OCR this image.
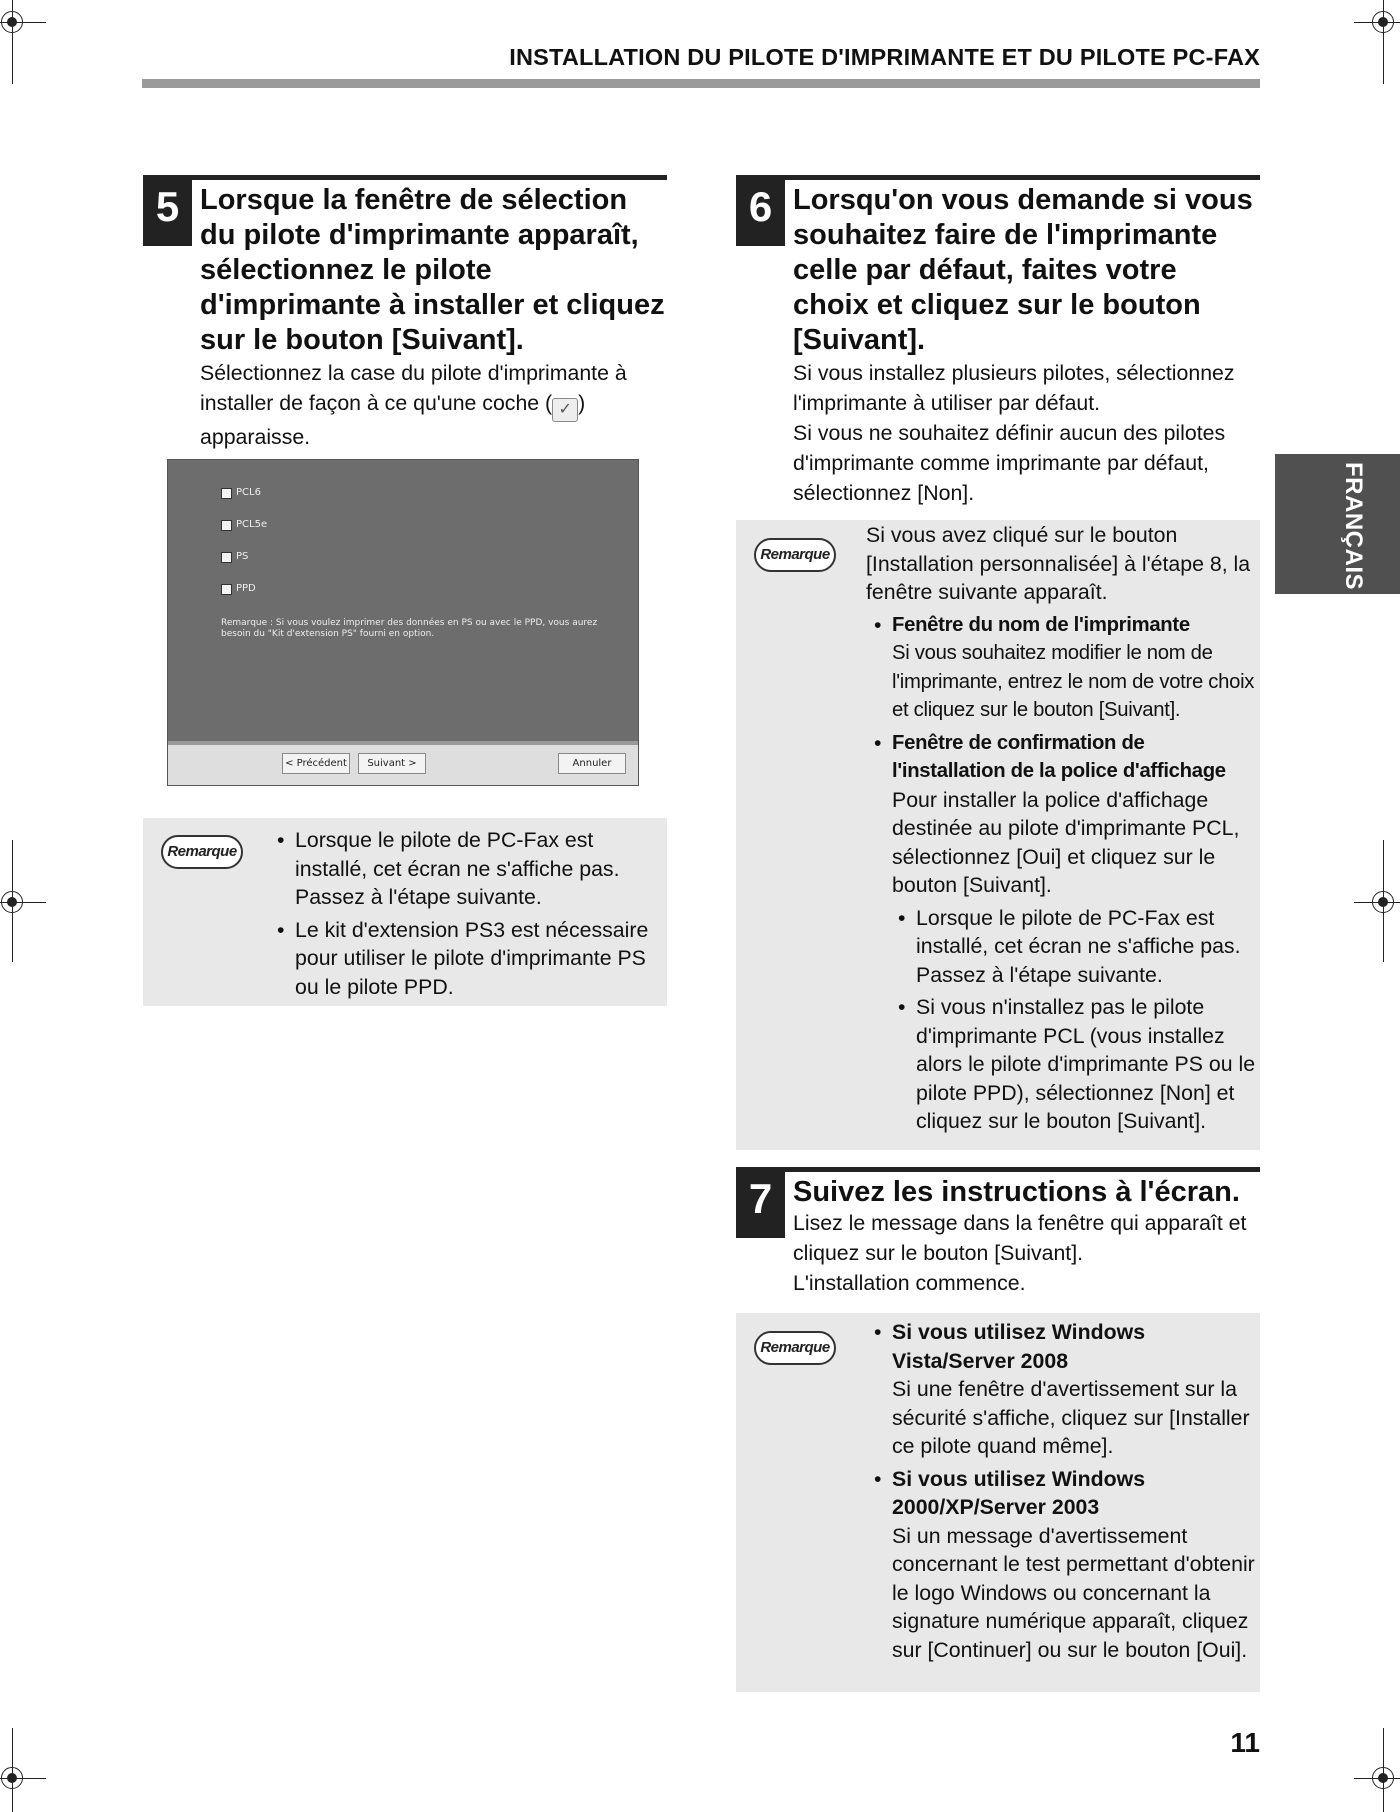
INSTALLATION DU PILOTE D'IMPRIMANTE ET DU PILOTE PC-FAX
FRANÇAIS
5 Lorsque la fenêtre de sélection du pilote d'imprimante apparaît, sélectionnez le pilote d'imprimante à installer et cliquez sur le bouton [Suivant].
Sélectionnez la case du pilote d'imprimante à installer de façon à ce qu'une coche ( ✓ ) apparaisse.
PCL6
PCL5e
PS
PPD
Remarque : Si vous voulez imprimer des données en PS ou avec le PPD, vous aurez besoin du "Kit d'extension PS" fourni en option.
< Précédent	Suivant >	Annuler
Remarque • Lorsque le pilote de PC-Fax est installé, cet écran ne s'affiche pas. Passez à l'étape suivante.
• Le kit d'extension PS3 est nécessaire pour utiliser le pilote d'imprimante PS ou le pilote PPD.
6 Lorsqu'on vous demande si vous souhaitez faire de l'imprimante celle par défaut, faites votre choix et cliquez sur le bouton [Suivant].
Si vous installez plusieurs pilotes, sélectionnez l'imprimante à utiliser par défaut.
Si vous ne souhaitez définir aucun des pilotes d'imprimante comme imprimante par défaut, sélectionnez [Non].
Remarque

Si vous avez cliqué sur le bouton [Installation personnalisée] à l'étape 8, la fenêtre suivante apparaît.

• Fenêtre du nom de l'imprimante
Si vous souhaitez modifier le nom de l'imprimante, entrez le nom de votre choix et cliquez sur le bouton [Suivant].
• Fenêtre de confirmation de l'installation de la police d'affichage
Pour installer la police d'affichage destinée au pilote d'imprimante PCL, sélectionnez [Oui] et cliquez sur le bouton [Suivant].
• Lorsque le pilote de PC-Fax est installé, cet écran ne s'affiche pas. Passez à l'étape suivante.
• Si vous n'installez pas le pilote d'imprimante PCL (vous installez alors le pilote d'imprimante PS ou le pilote PPD), sélectionnez [Non] et cliquez sur le bouton [Suivant].
7 Suivez les instructions à l'écran.
Lisez le message dans la fenêtre qui apparaît et cliquez sur le bouton [Suivant].
L'installation commence.
Remarque
• Si vous utilisez Windows Vista/Server 2008
Si une fenêtre d'avertissement sur la sécurité s'affiche, cliquez sur [Installer ce pilote quand même].
• Si vous utilisez Windows 2000/XP/Server 2003
Si un message d'avertissement concernant le test permettant d'obtenir le logo Windows ou concernant la signature numérique apparaît, cliquez sur [Continuer] ou sur le bouton [Oui].
11
